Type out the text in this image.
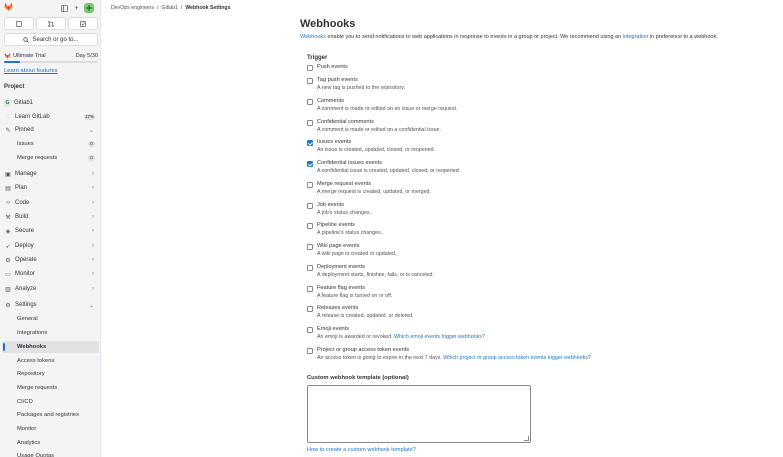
+
Search or go to...
Ultimate Trial	Day 5/30
Learn about features
Project
G Gitlab1
◌ Learn GitLab	17%
✎ Pinned	⌄
Issues	0
Merge requests	0
▣ Manage	›
▤ Plan	›
‹› Code	›
⚒ Build	›
◈ Secure	›
➶ Deploy	›
⚙ Operate	›
▭ Monitor	›
▥ Analyze	›
⚙ Settings	⌄
General
Integrations
Webhooks
Access tokens
Repository
Merge requests
CI/CD
Packages and registries
Monitor
Analytics
Usage Quotas
DevOps engineers / Gitlab1 / Webhook Settings
Webhooks
Webhooks enable you to send notifications to web applications in response to events in a group or project. We recommend using an integration in preference to a webhook.
Trigger
Push events
Tag push events
A new tag is pushed to the repository.
Comments
A comment is made or edited on an issue or merge request.
Confidential comments
A comment is made or edited on a confidential issue.
Issues events
An issue is created, updated, closed, or reopened.
Confidential issues events
A confidential issue is created, updated, closed, or reopened.
Merge request events
A merge request is created, updated, or merged.
Job events
A job's status changes.
Pipeline events
A pipeline's status changes.
Wiki page events
A wiki page is created or updated.
Deployment events
A deployment starts, finishes, fails, or is canceled.
Feature flag events
A feature flag is turned on or off.
Releases events
A release is created, updated, or deleted.
Emoji events
An emoji is awarded or revoked. Which emoji events trigger webhooks?
Project or group access token events
An access token is going to expire in the next 7 days. Which project or group access token events trigger webhooks?
Custom webhook template (optional)
How to create a custom webhook template?
